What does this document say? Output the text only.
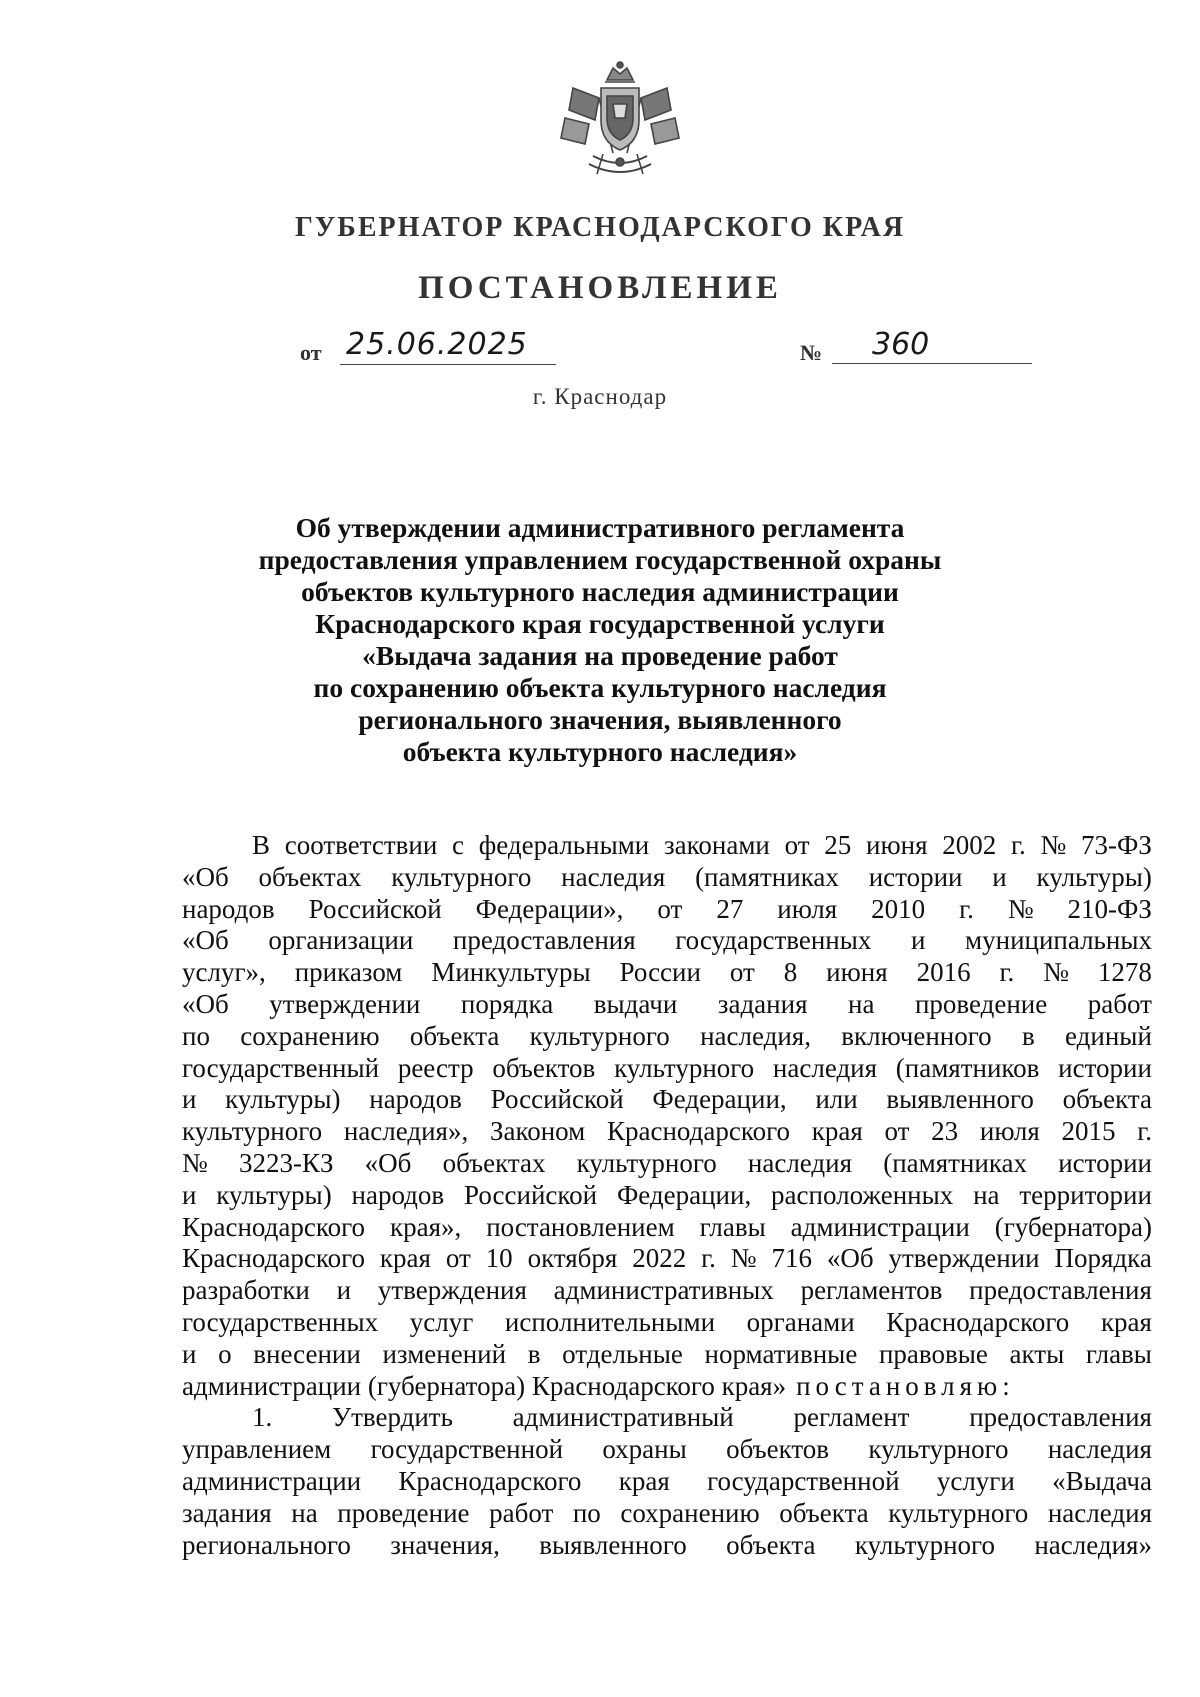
ГУБЕРНАТОР КРАСНОДАРСКОГО КРАЯ
ПОСТАНОВЛЕНИЕ
от 25.06.2025	№	360
г. Краснодар
Об утверждении административного регламента
предоставления управлением государственной охраны
объектов культурного наследия администрации
Краснодарского края государственной услуги
«Выдача задания на проведение работ
по сохранению объекта культурного наследия
регионального значения, выявленного
объекта культурного наследия»
В соответствии с федеральными законами от 25 июня 2002 г. № 73-ФЗ
«Об объектах культурного наследия (памятниках истории и культуры)
народов Российской Федерации», от 27 июля 2010 г. № 210-ФЗ
«Об организации предоставления государственных и муниципальных
услуг», приказом Минкультуры России от 8 июня 2016 г. № 1278
«Об утверждении порядка выдачи задания на проведение работ
по сохранению объекта культурного наследия, включенного в единый
государственный реестр объектов культурного наследия (памятников истории
и культуры) народов Российской Федерации, или выявленного объекта
культурного наследия», Законом Краснодарского края от 23 июля 2015 г.
№ 3223-КЗ «Об объектах культурного наследия (памятниках истории
и культуры) народов Российской Федерации, расположенных на территории
Краснодарского края», постановлением главы администрации (губернатора)
Краснодарского края от 10 октября 2022 г. № 716 «Об утверждении Порядка
разработки и утверждения административных регламентов предоставления
государственных услуг исполнительными органами Краснодарского края
и о внесении изменений в отдельные нормативные правовые акты главы
администрации (губернатора) Краснодарского края» постановляю:
1. Утвердить административный регламент предоставления
управлением государственной охраны объектов культурного наследия
администрации Краснодарского края государственной услуги «Выдача
задания на проведение работ по сохранению объекта культурного наследия
регионального значения, выявленного объекта культурного наследия»
